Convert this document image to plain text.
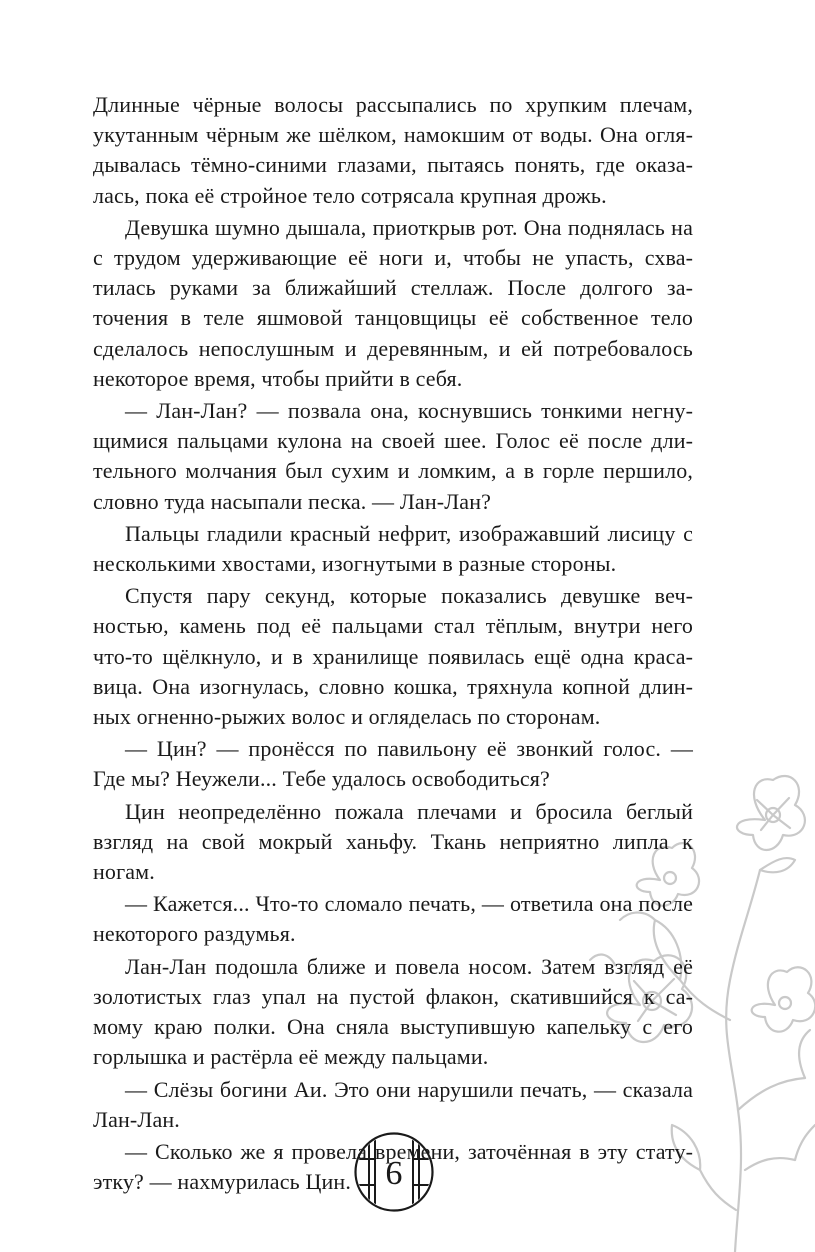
Длинные чёрные волосы рассыпались по хрупким плечам, укутанным чёрным же шёлком, намокшим от воды. Она оглядывалась тёмно-синими глазами, пытаясь понять, где оказалась, пока её стройное тело сотрясала крупная дрожь.

Девушка шумно дышала, приоткрыв рот. Она поднялась на с трудом удерживающие её ноги и, чтобы не упасть, схватилась руками за ближайший стеллаж. После долгого заточения в теле яшмовой танцовщицы её собственное тело сделалось непослушным и деревянным, и ей потребовалось некоторое время, чтобы прийти в себя.

— Лан-Лан? — позвала она, коснувшись тонкими негнущимися пальцами кулона на своей шее. Голос её после длительного молчания был сухим и ломким, а в горле першило, словно туда насыпали песка. — Лан-Лан?

Пальцы гладили красный нефрит, изображавший лисицу с несколькими хвостами, изогнутыми в разные стороны.

Спустя пару секунд, которые показались девушке вечностью, камень под её пальцами стал тёплым, внутри него что-то щёлкнуло, и в хранилище появилась ещё одна красавица. Она изогнулась, словно кошка, тряхнула копной длинных огненно-рыжих волос и огляделась по сторонам.

— Цин? — пронёсся по павильону её звонкий голос. — Где мы? Неужели... Тебе удалось освободиться?

Цин неопределённо пожала плечами и бросила беглый взгляд на свой мокрый ханьфу. Ткань неприятно липла к ногам.

— Кажется... Что-то сломало печать, — ответила она после некоторого раздумья.

Лан-Лан подошла ближе и повела носом. Затем взгляд её золотистых глаз упал на пустой флакон, скатившийся к самому краю полки. Она сняла выступившую капельку с его горлышка и растёрла её между пальцами.

— Слёзы богини Аи. Это они нарушили печать, — сказала Лан-Лан.

— Сколько же я провела времени, заточённая в эту статуэтку? — нахмурилась Цин.	9
